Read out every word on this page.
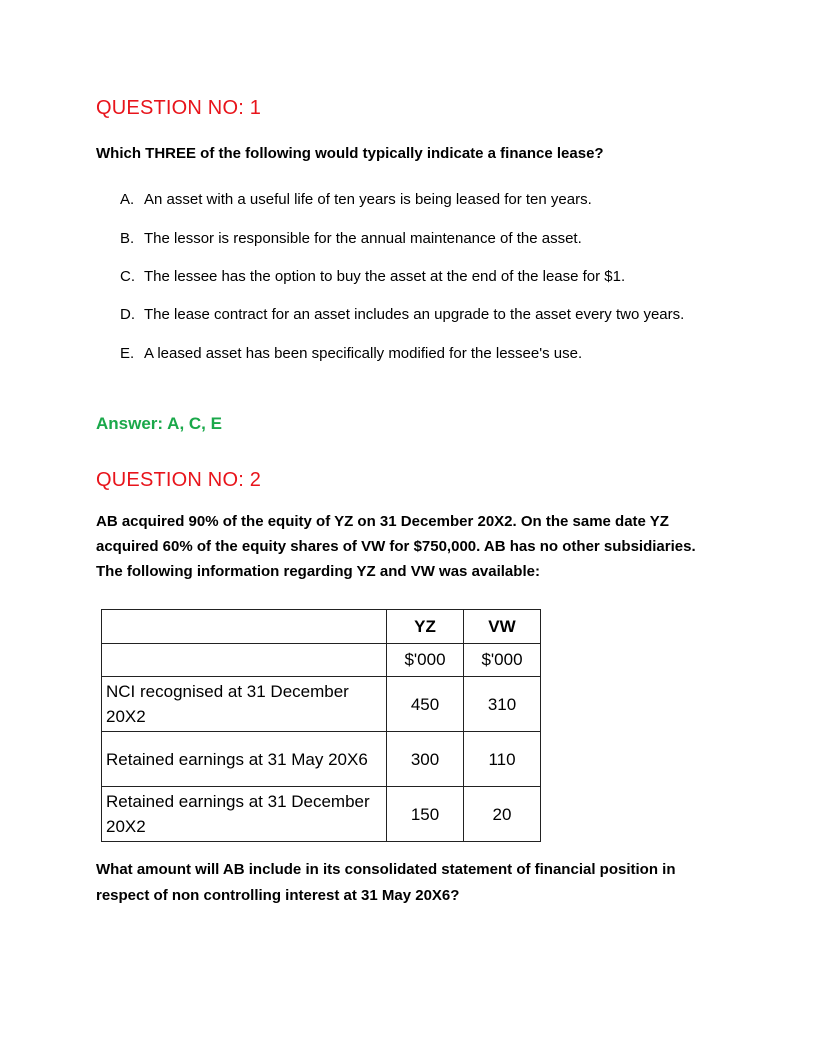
QUESTION NO: 1

Which THREE of the following would typically indicate a finance lease?

A. An asset with a useful life of ten years is being leased for ten years.
B. The lessor is responsible for the annual maintenance of the asset.
C. The lessee has the option to buy the asset at the end of the lease for $1.
D. The lease contract for an asset includes an upgrade to the asset every two years.
E. A leased asset has been specifically modified for the lessee's use.

Answer: A, C, E

QUESTION NO: 2

AB acquired 90% of the equity of YZ on 31 December 20X2. On the same date YZ acquired 60% of the equity shares of VW for $750,000. AB has no other subsidiaries. The following information regarding YZ and VW was available:

	YZ	VW
	$'000	$'000
NCI recognised at 31 December 20X2	450	310
Retained earnings at 31 May 20X6	300	110
Retained earnings at 31 December 20X2	150	20

What amount will AB include in its consolidated statement of financial position in respect of non controlling interest at 31 May 20X6?
